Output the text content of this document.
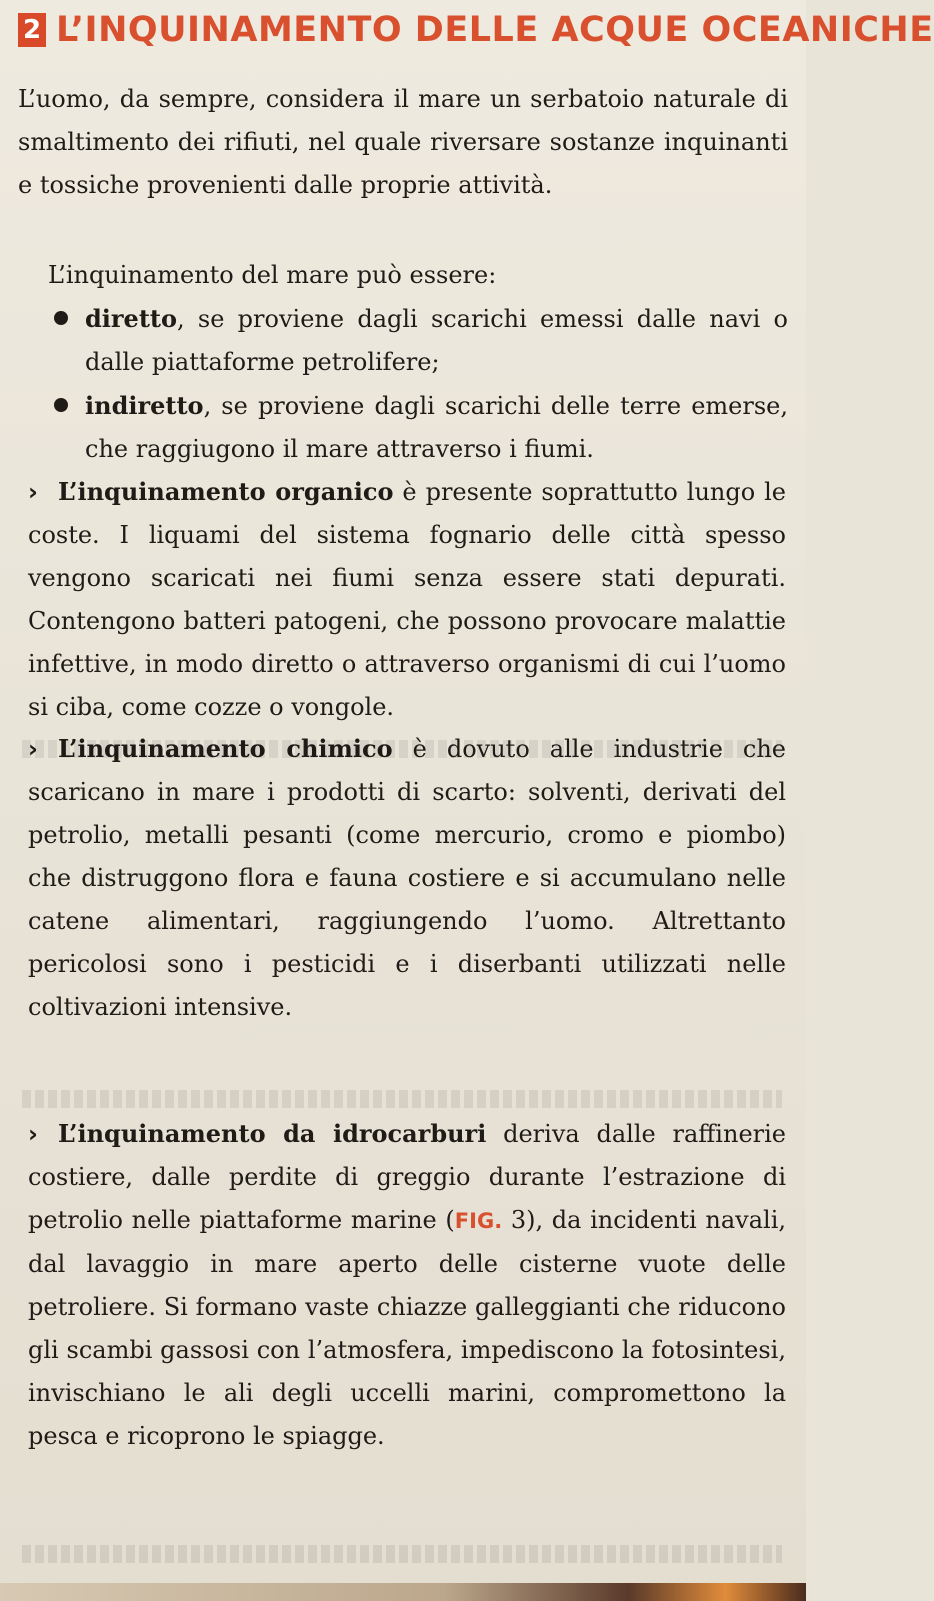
2 L’INQUINAMENTO DELLE ACQUE OCEANICHE

L’uomo, da sempre, considera il mare un serbatoio naturale di smaltimento dei rifiuti, nel quale riversare sostanze inquinanti e tossiche provenienti dalle proprie attività.

L’inquinamento del mare può essere:

diretto, se proviene dagli scarichi emessi dalle navi o dalle piattaforme petrolifere;
indiretto, se proviene dagli scarichi delle terre emerse, che raggiugono il mare attraverso i fiumi.

› L’inquinamento organico è presente soprattutto lungo le coste. I liquami del sistema fognario delle città spesso vengono scaricati nei fiumi senza essere stati depurati. Contengono batteri patogeni, che possono provocare malattie infettive, in modo diretto o attraverso organismi di cui l’uomo si ciba, come cozze o vongole.

› L’inquinamento chimico è dovuto alle industrie che scaricano in mare i prodotti di scarto: solventi, derivati del petrolio, metalli pesanti (come mercurio, cromo e piombo) che distruggono flora e fauna costiere e si accumulano nelle catene alimentari, raggiungendo l’uomo. Altrettanto pericolosi sono i pesticidi e i diserbanti utilizzati nelle coltivazioni intensive.

› L’inquinamento da idrocarburi deriva dalle raffinerie costiere, dalle perdite di greggio durante l’estrazione di petrolio nelle piattaforme marine (FIG. 3), da incidenti navali, dal lavaggio in mare aperto delle cisterne vuote delle petroliere. Si formano vaste chiazze galleggianti che riducono gli scambi gassosi con l’atmosfera, impediscono la fotosintesi, invischiano le ali degli uccelli marini, compromettono la pesca e ricoprono le spiagge.
